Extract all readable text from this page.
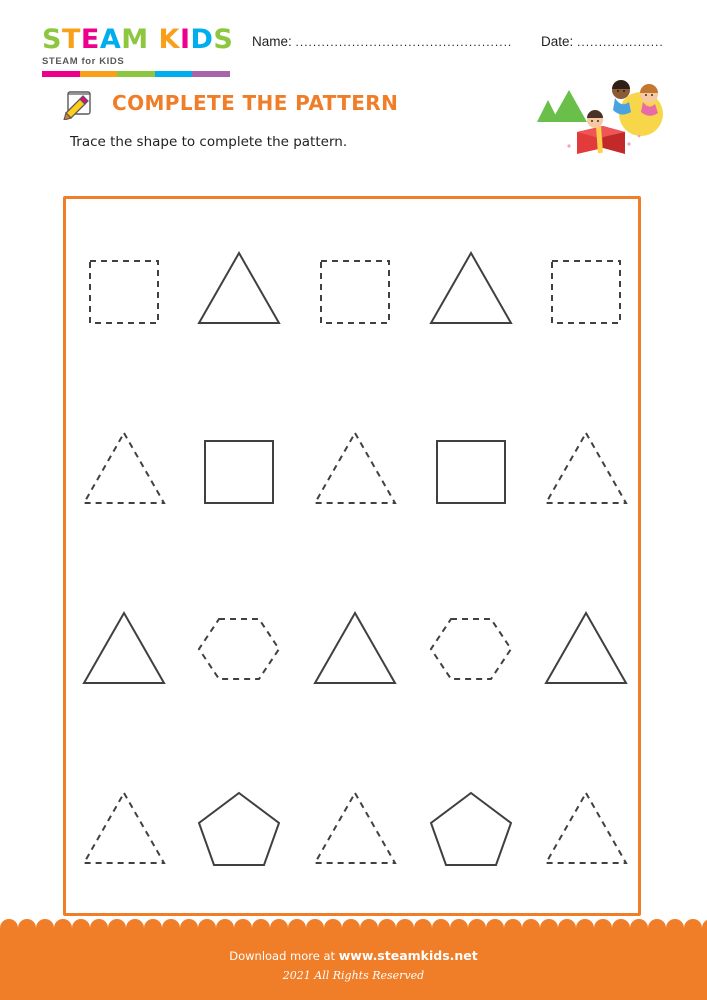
STEAM KIDS
STEAM for KIDS
Name: .................................................. Date: ....................
COMPLETE THE PATTERN
Trace the shape to complete the pattern.
Download more at www.steamkids.net
2021 All Rights Reserved
